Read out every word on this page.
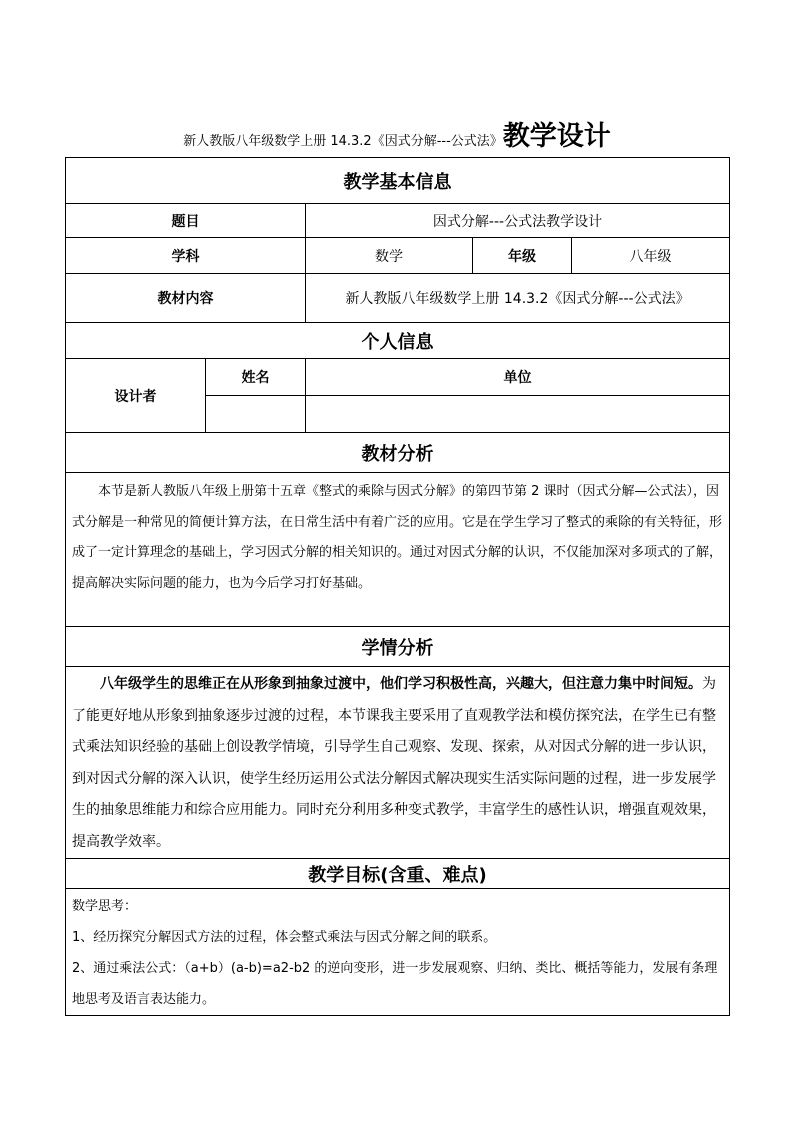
新人教版八年级数学上册 14.3.2《因式分解---公式法》教学设计
教学基本信息				
题目		因式分解---公式法教学设计		
学科		数学	年级	八年级
教材内容		新人教版八年级数学上册 14.3.2《因式分解---公式法》		
个人信息				
设计者	姓名	单位		

教材分析				
本节是新人教版八年级上册第十五章《整式的乘除与因式分解》的第四节第 2 课时（因式分解—公式法），因式分解是一种常见的简便计算方法，在日常生活中有着广泛的应用。它是在学生学习了整式的乘除的有关特征，形成了一定计算理念的基础上，学习因式分解的相关知识的。通过对因式分解的认识，不仅能加深对多项式的了解，提高解决实际问题的能力，也为今后学习打好基础。				
学情分析				
八年级学生的思维正在从形象到抽象过渡中，他们学习积极性高，兴趣大，但注意力集中时间短。为了能更好地从形象到抽象逐步过渡的过程，本节课我主要采用了直观教学法和模仿探究法，在学生已有整式乘法知识经验的基础上创设教学情境，引导学生自己观察、发现、探索，从对因式分解的进一步认识，到对因式分解的深入认识，使学生经历运用公式法分解因式解决现实生活实际问题的过程，进一步发展学生的抽象思维能力和综合应用能力。同时充分利用多种变式教学，丰富学生的感性认识，增强直观效果，提高教学效率。				
教学目标(含重、难点)				

数学思考：
1、经历探究分解因式方法的过程，体会整式乘法与因式分解之间的联系。
2、通过乘法公式：（a+b）(a-b)=a2-b2 的逆向变形，进一步发展观察、归纳、类比、概括等能力，发展有条理地思考及语言表达能力。				
